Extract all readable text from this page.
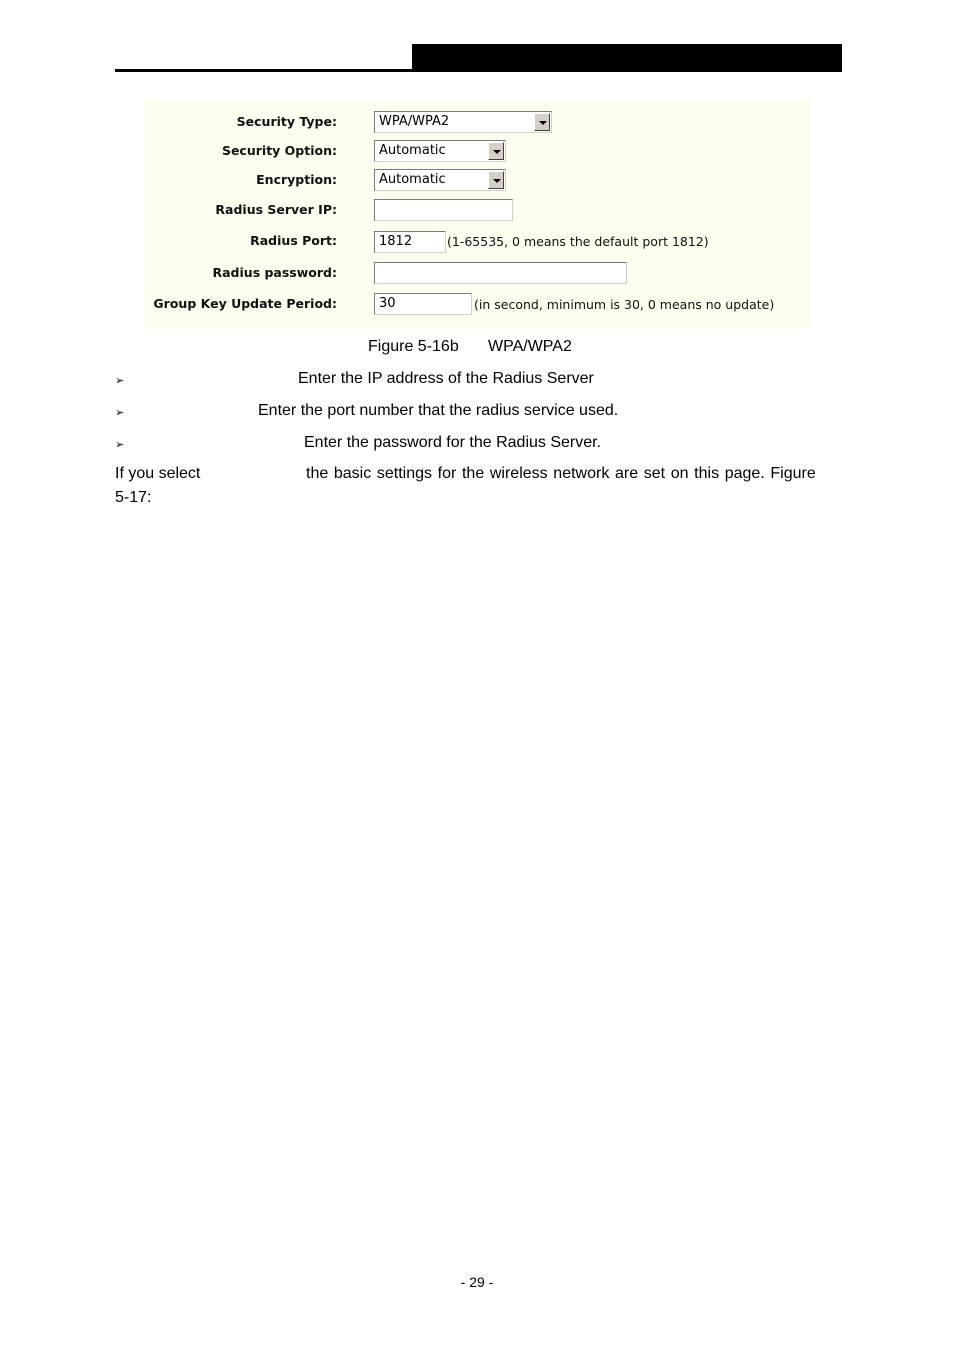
Security Type:	WPA/WPA2
Security Option:	Automatic
Encryption:	Automatic
Radius Server IP:
Radius Port:	1812	(1-65535, 0 means the default port 1812)
Radius password:
Group Key Update Period:	30	(in second, minimum is 30, 0 means no update)
Figure 5-16b WPA/WPA2
➢	Enter the IP address of the Radius Server
➢	Enter the port number that the radius service used.
➢	Enter the password for the Radius Server.
If you select	the basic settings for the wireless network are set on this page. Figure
5-17:
- 29 -
